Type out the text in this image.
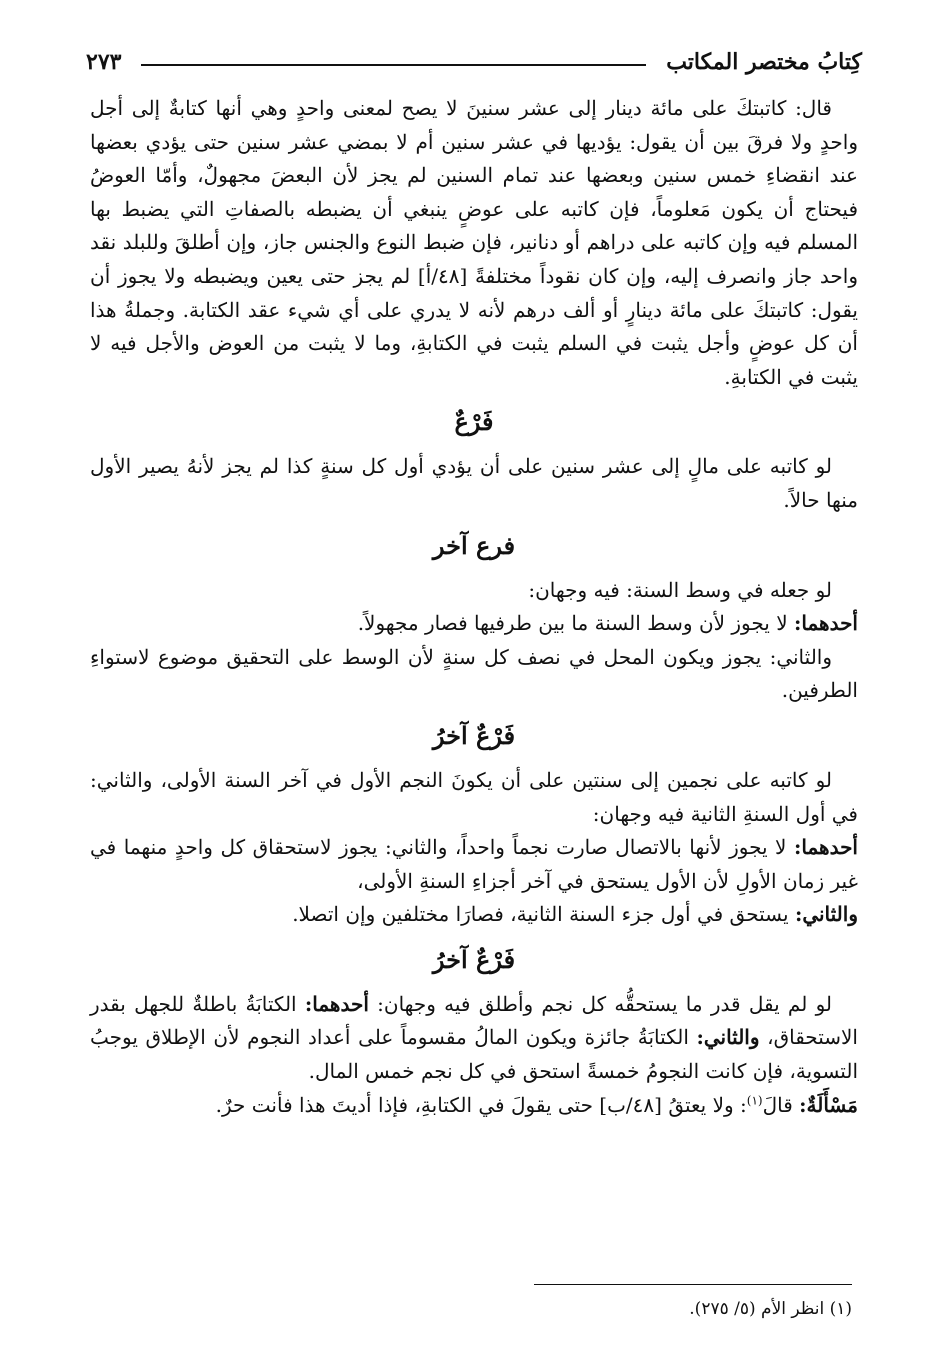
كِتابُ مختصر المكاتب
٢٧٣

قال: كاتبتكَ على مائة دينار إلى عشر سنينَ لا يصح لمعنى واحدٍ وهي أنها كتابةٌ إلى أجل واحدٍ ولا فرقَ بين أن يقول: يؤديها في عشر سنين أم لا بمضي عشر سنين حتى يؤدي بعضها عند انقضاءِ خمس سنين وبعضها عند تمام السنين لم يجز لأن البعضَ مجهولٌ، وأمّا العوضُ فيحتاج أن يكون مَعلوماً، فإن كاتبه على عوضٍ ينبغي أن يضبطه بالصفاتِ التي يضبط بها المسلم فيه وإن كاتبه على دراهم أو دنانير، فإن ضبط النوع والجنس جاز، وإن أطلقَ وللبلد نقد واحد جاز وانصرف إليه، وإن كان نقوداً مختلفةً [٤٨/أ] لم يجز حتى يعين ويضبطه ولا يجوز أن يقول: كاتبتكَ على مائة دينارٍ أو ألف درهم لأنه لا يدري على أي شيء عقد الكتابة. وجملةُ هذا أن كل عوضٍ وأجل يثبت في السلم يثبت في الكتابةِ، وما لا يثبت من العوض والأجل فيه لا يثبت في الكتابةِ.

فَرْعٌ

لو كاتبه على مالٍ إلى عشر سنين على أن يؤدي أول كل سنةٍ كذا لم يجز لأنهُ يصير الأول منها حالاً.

فرع آخر

لو جعله في وسط السنة: فيه وجهان:

أحدهما: لا يجوز لأن وسط السنة ما بين طرفيها فصار مجهولاً.

والثاني: يجوز ويكون المحل في نصف كل سنةٍ لأن الوسط على التحقيق موضوع لاستواءِ الطرفين.

فَرْعٌ آخرُ

لو كاتبه على نجمين إلى سنتين على أن يكونَ النجم الأول في آخر السنة الأولى، والثاني: في أول السنةِ الثانية فيه وجهان:

أحدهما: لا يجوز لأنها بالاتصال صارت نجماً واحداً، والثاني: يجوز لاستحقاق كل واحدٍ منهما في غير زمان الأولِ لأن الأول يستحق في آخر أجزاءِ السنةِ الأولى،

والثاني: يستحق في أول جزء السنة الثانية، فصارَا مختلفين وإن اتصلا.

فَرْعٌ آخرُ

لو لم يقل قدر ما يستحقُّه كل نجم وأطلق فيه وجهان: أحدهما: الكتابَةُ باطلةٌ للجهل بقدر الاستحقاق، والثاني: الكتابَةُ جائزة ويكون المالُ مقسوماً على أعداد النجوم لأن الإطلاق يوجبُ التسوية، فإن كانت النجومُ خمسةً استحق في كل نجم خمس المال.

مَسْأَلَةٌ: قالَ$^{(١)}$: ولا يعتقُ [٤٨/ب] حتى يقولَ في الكتابةِ، فإذا أديتَ هذا فأنت حرٌ.

(١) انظر الأم (٥/ ٢٧٥).
